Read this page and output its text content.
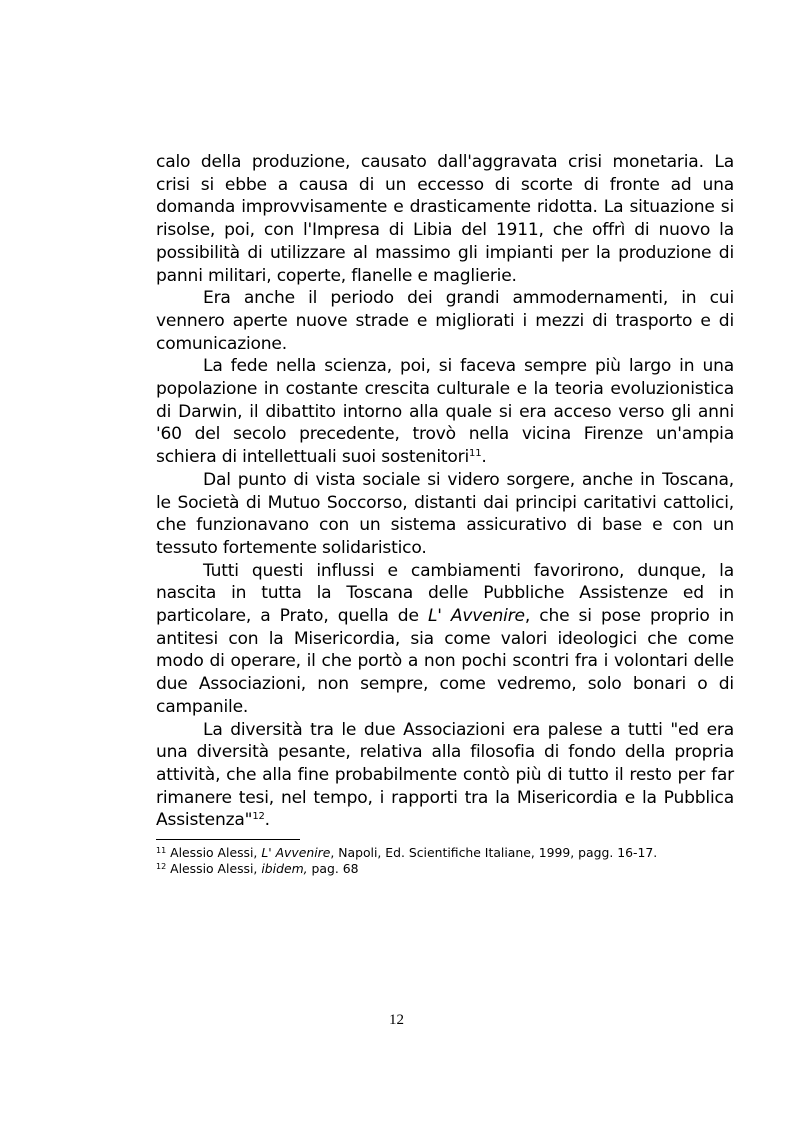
calo della produzione, causato dall'aggravata crisi monetaria. La crisi si ebbe a causa di un eccesso di scorte di fronte ad una domanda improvvisamente e drasticamente ridotta. La situazione si risolse, poi, con l'Impresa di Libia del 1911, che offrì di nuovo la possibilità di utilizzare al massimo gli impianti per la produzione di panni militari, coperte, flanelle e maglierie.

Era anche il periodo dei grandi ammodernamenti, in cui vennero aperte nuove strade e migliorati i mezzi di trasporto e di comunicazione.

La fede nella scienza, poi, si faceva sempre più largo in una popolazione in costante crescita culturale e la teoria evoluzionistica di Darwin, il dibattito intorno alla quale si era acceso verso gli anni '60 del secolo precedente, trovò nella vicina Firenze un'ampia schiera di intellettuali suoi sostenitori$^{11}$.

Dal punto di vista sociale si videro sorgere, anche in Toscana, le Società di Mutuo Soccorso, distanti dai principi caritativi cattolici, che funzionavano con un sistema assicurativo di base e con un tessuto fortemente solidaristico.

Tutti questi influssi e cambiamenti favorirono, dunque, la nascita in tutta la Toscana delle Pubbliche Assistenze ed in particolare, a Prato, quella de L' Avvenire, che si pose proprio in antitesi con la Misericordia, sia come valori ideologici che come modo di operare, il che portò a non pochi scontri fra i volontari delle due Associazioni, non sempre, come vedremo, solo bonari o di campanile.

La diversità tra le due Associazioni era palese a tutti "ed era una diversità pesante, relativa alla filosofia di fondo della propria attività, che alla fine probabilmente contò più di tutto il resto per far rimanere tesi, nel tempo, i rapporti tra la Misericordia e la Pubblica Assistenza"$^{12}$.

$^{11}$ Alessio Alessi, L' Avvenire, Napoli, Ed. Scientifiche Italiane, 1999, pagg. 16-17.

$^{12}$ Alessio Alessi, ibidem, pag. 68

12
